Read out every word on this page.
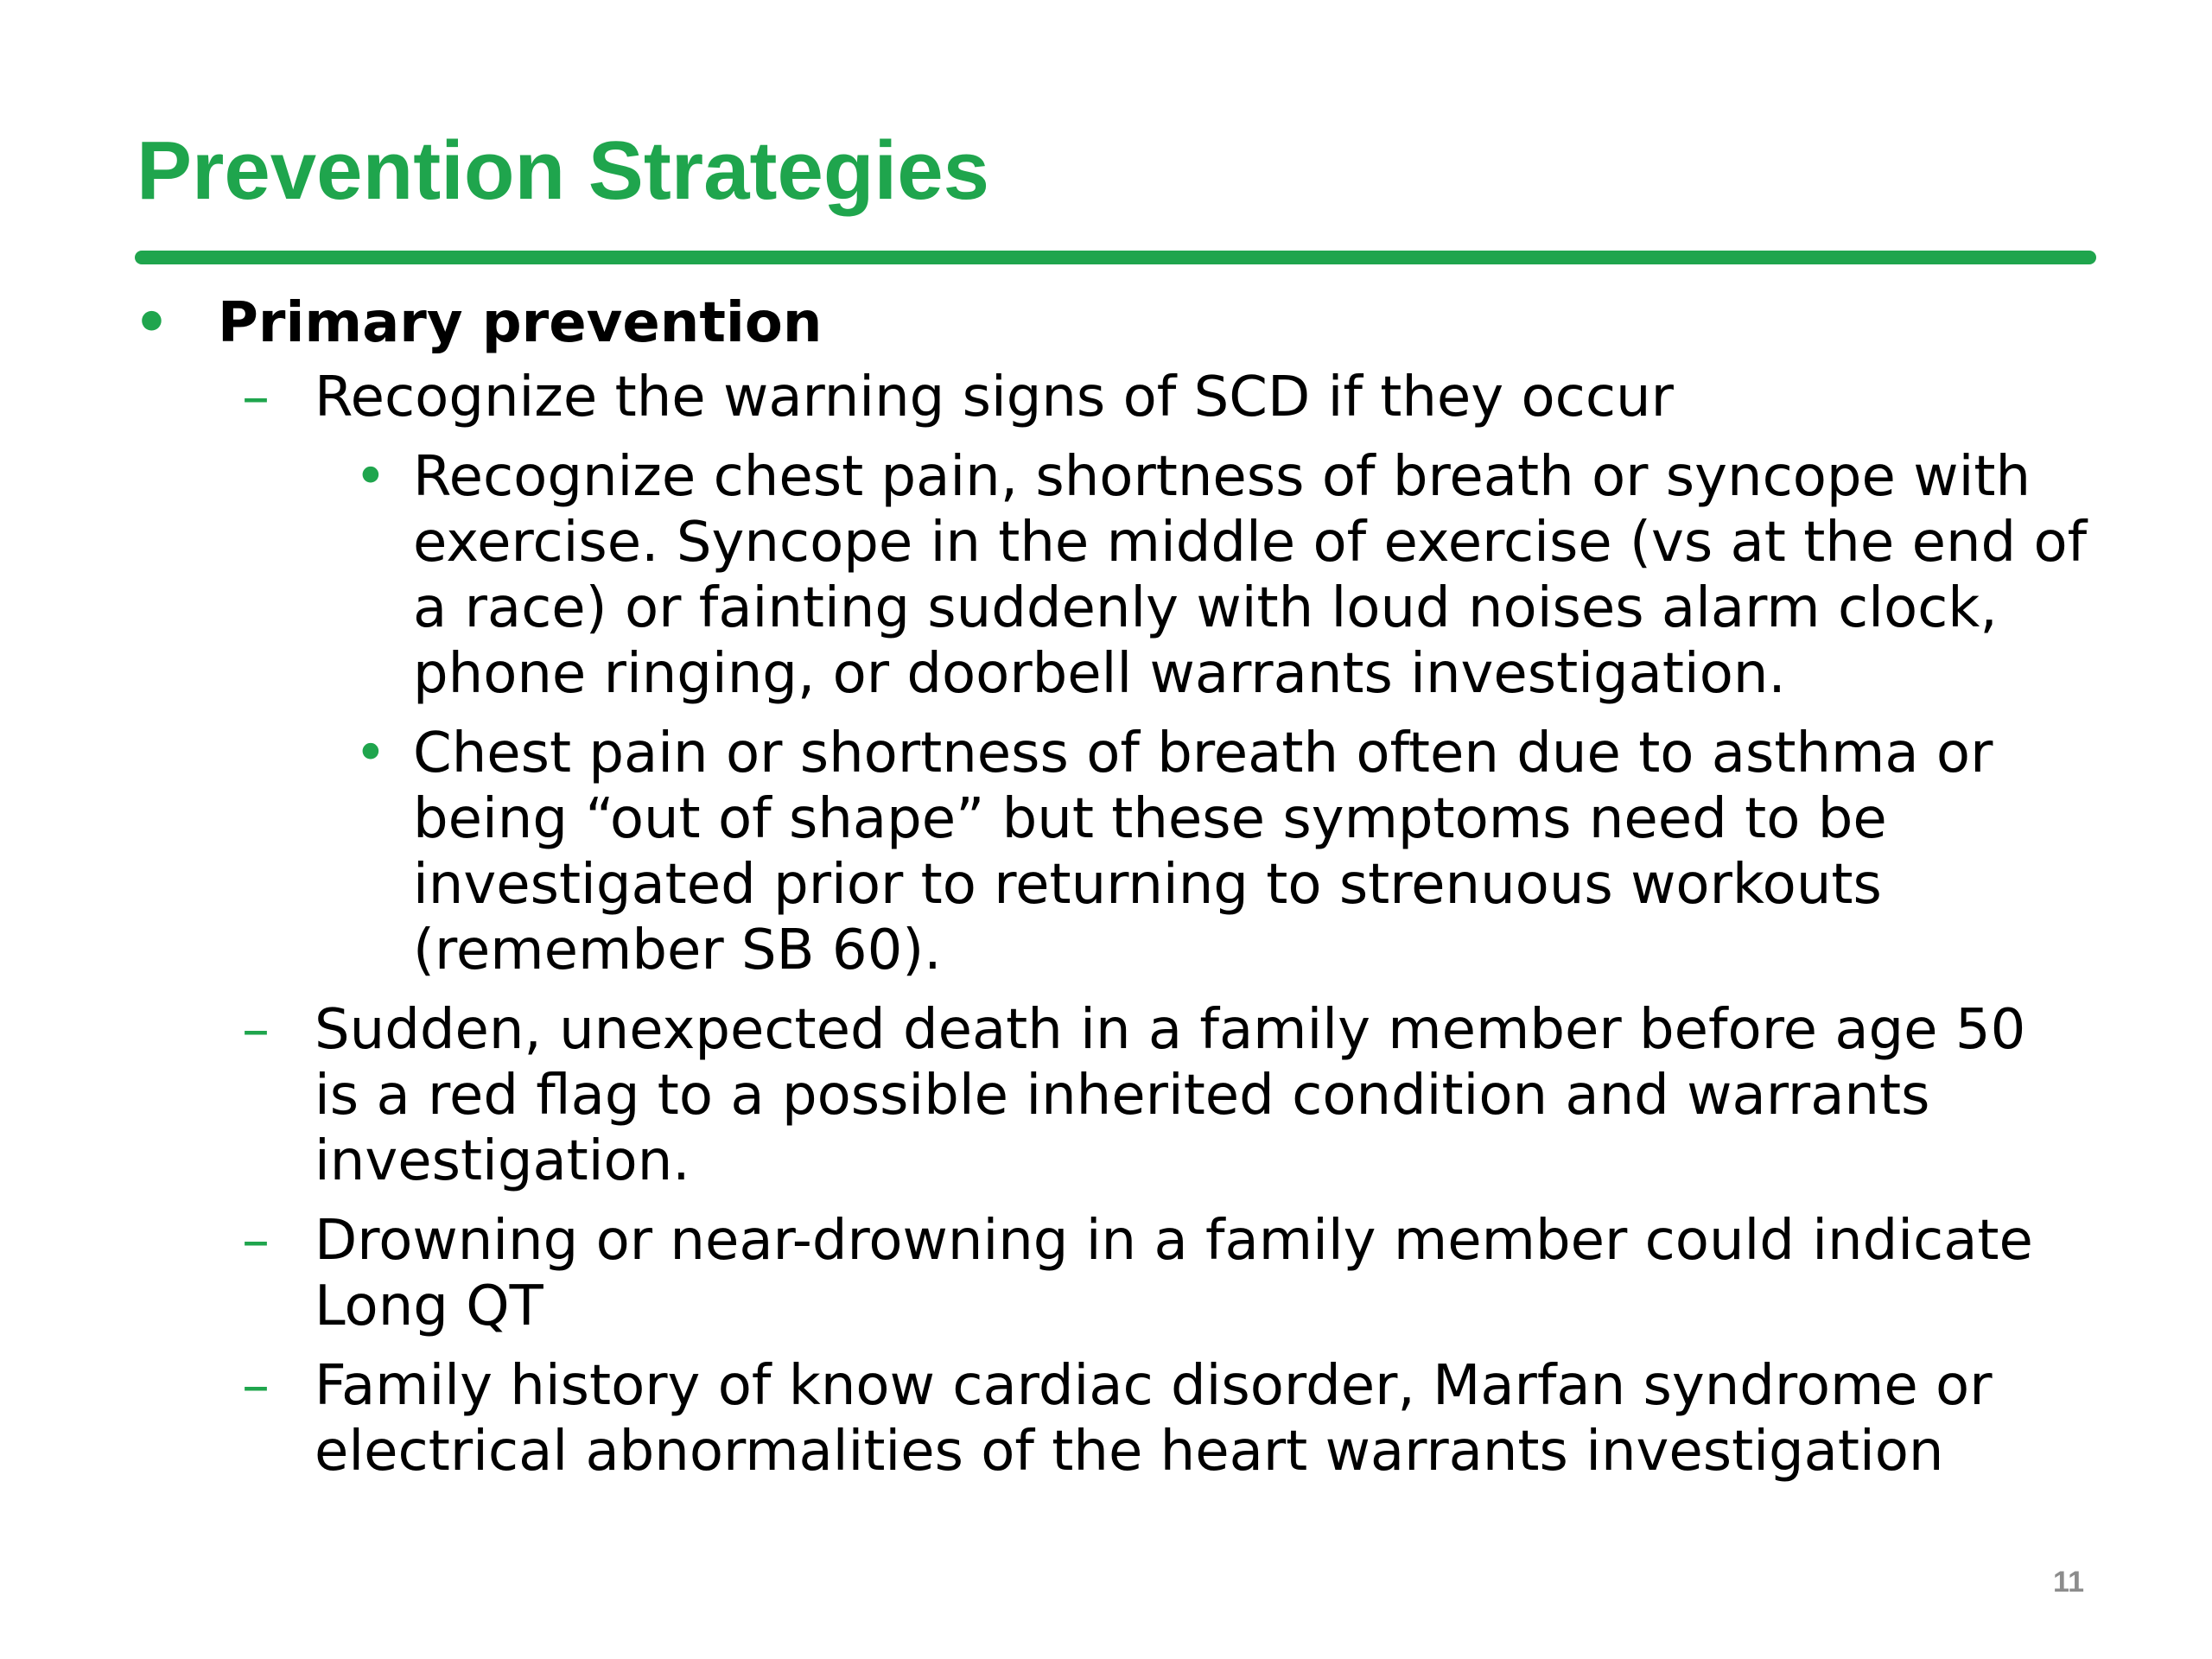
Prevention Strategies
• Primary prevention
– Recognize the warning signs of SCD if they occur
• Recognize chest pain, shortness of breath or syncope with exercise. Syncope in the middle of exercise (vs at the end of a race) or fainting suddenly with loud noises alarm clock, phone ringing, or doorbell warrants investigation.
• Chest pain or shortness of breath often due to asthma or being “out of shape” but these symptoms need to be investigated prior to returning to strenuous workouts (remember SB 60).
– Sudden, unexpected death in a family member before age 50 is a red flag to a possible inherited condition and warrants investigation.
– Drowning or near-drowning in a family member could indicate Long QT
– Family history of know cardiac disorder, Marfan syndrome or electrical abnormalities of the heart warrants investigation
11
